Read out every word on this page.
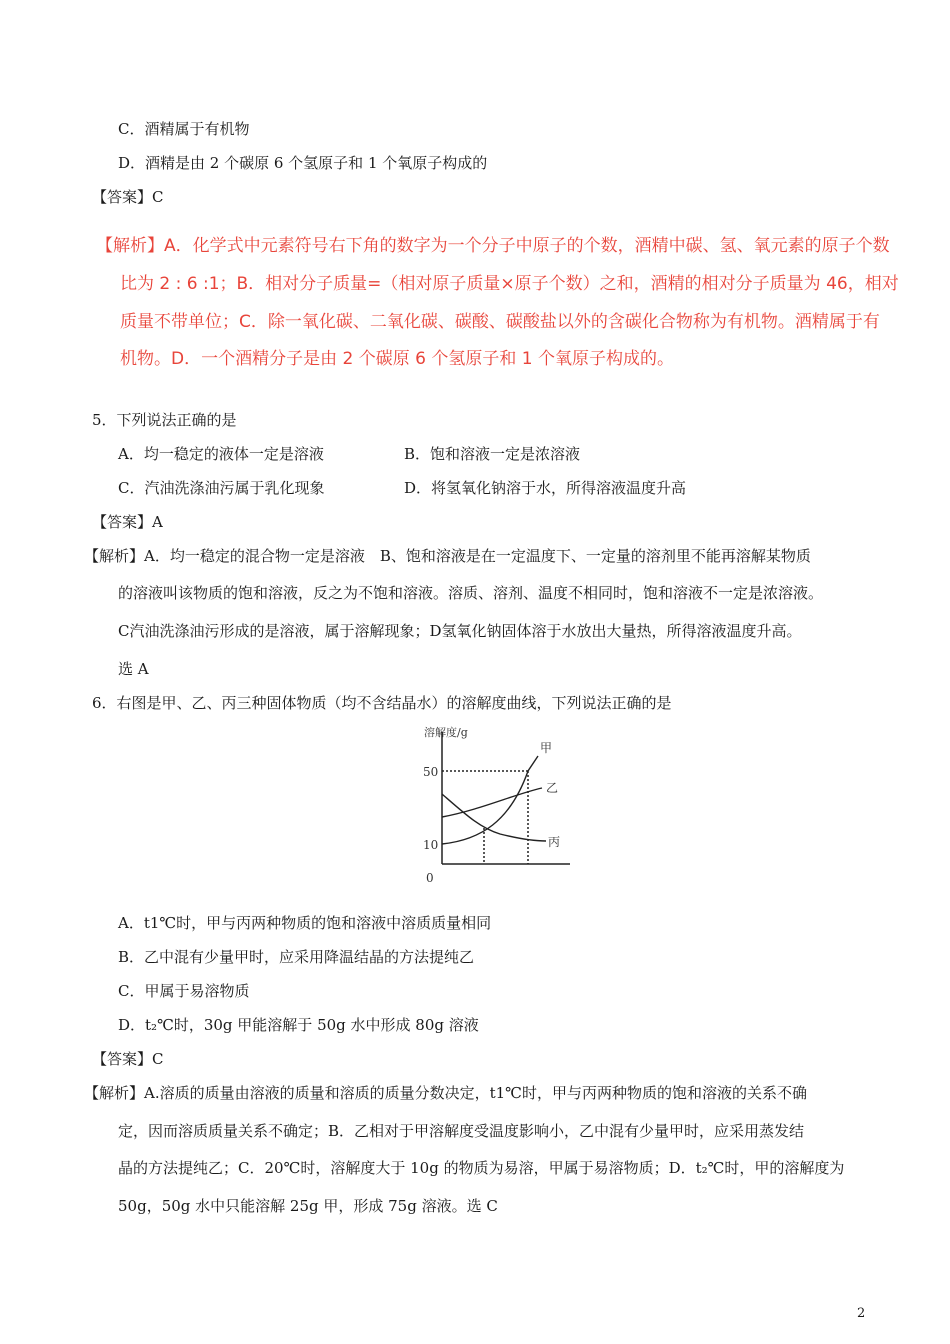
C．酒精属于有机物
D．酒精是由 2 个碳原 6 个氢原子和 1 个氧原子构成的
【答案】C
【解析】A．化学式中元素符号右下角的数字为一个分子中原子的个数，酒精中碳、氢、氧元素的原子个数
比为 2 : 6 :1；B．相对分子质量=（相对原子质量×原子个数）之和，酒精的相对分子质量为 46，相对
质量不带单位；C．除一氧化碳、二氧化碳、碳酸、碳酸盐以外的含碳化合物称为有机物。酒精属于有
机物。D．一个酒精分子是由 2 个碳原 6 个氢原子和 1 个氧原子构成的。
5．下列说法正确的是
A．均一稳定的液体一定是溶液	B．饱和溶液一定是浓溶液
C．汽油洗涤油污属于乳化现象	D．将氢氧化钠溶于水，所得溶液温度升高
【答案】A
【解析】A．均一稳定的混合物一定是溶液　B、饱和溶液是在一定温度下、一定量的溶剂里不能再溶解某物质
的溶液叫该物质的饱和溶液，反之为不饱和溶液。溶质、溶剂、温度不相同时，饱和溶液不一定是浓溶液。
C汽油洗涤油污形成的是溶液，属于溶解现象；D氢氧化钠固体溶于水放出大量热，所得溶液温度升高。
选 A
6．右图是甲、乙、丙三种固体物质（均不含结晶水）的溶解度曲线，下列说法正确的是
溶解度/g
50
10
0
甲
乙
丙
A．t1℃时，甲与丙两种物质的饱和溶液中溶质质量相同
B．乙中混有少量甲时，应采用降温结晶的方法提纯乙
C．甲属于易溶物质
D．t₂℃时，30g 甲能溶解于 50g 水中形成 80g 溶液
【答案】C
【解析】A.溶质的质量由溶液的质量和溶质的质量分数决定，t1℃时，甲与丙两种物质的饱和溶液的关系不确
定，因而溶质质量关系不确定；B．乙相对于甲溶解度受温度影响小，乙中混有少量甲时，应采用蒸发结
晶的方法提纯乙；C．20℃时，溶解度大于 10g 的物质为易溶，甲属于易溶物质；D．t₂℃时，甲的溶解度为
50g，50g 水中只能溶解 25g 甲，形成 75g 溶液。选 C
2
